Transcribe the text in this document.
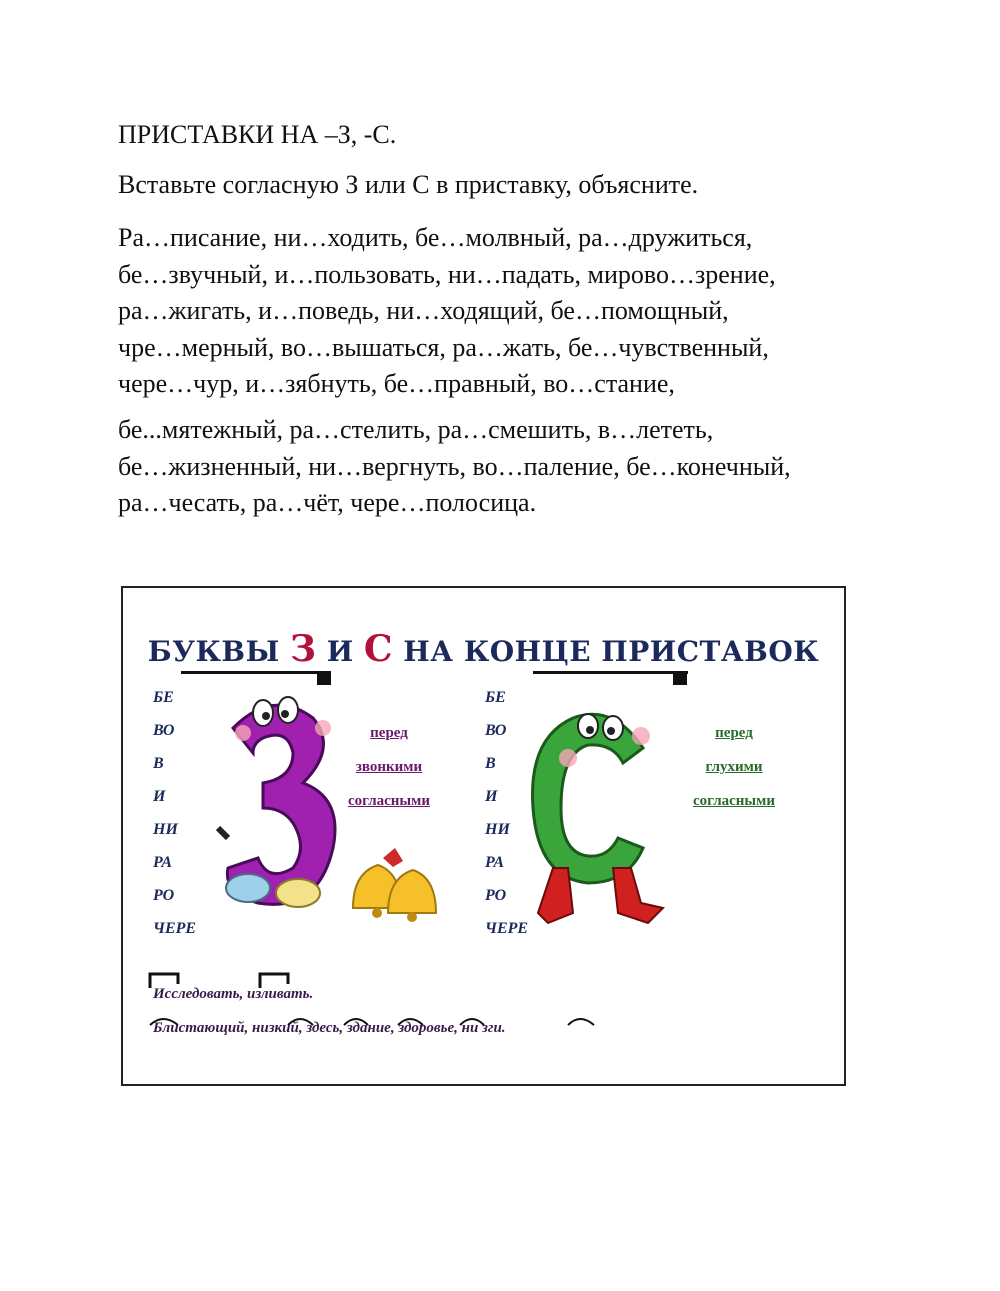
ПРИСТАВКИ НА –З, -С.
Вставьте согласную З или С в приставку, объясните.
Ра…писание, ни…ходить, бе…молвный, ра…дружиться,
бе…звучный, и…пользовать, ни…падать, мирово…зрение,
ра…жигать, и…поведь, ни…ходящий, бе…помощный,
чре…мерный, во…вышаться, ра…жать, бе…чувственный,
чере…чур, и…зябнуть, бе…правный, во…стание,
бе...мятежный, ра…стелить, ра…смешить, в…лететь,
бе…жизненный, ни…вергнуть, во…паление, бе…конечный,
ра…чесать, ра…чёт, чере…полосица.
БУКВЫ З И С НА КОНЦЕ ПРИСТАВОК
БЕ
ВО
В
И
НИ
РА
РО
ЧЕРЕ
БЕ
ВО
В
И
НИ
РА
РО
ЧЕРЕ
перед
звонкими
согласными
перед
глухими
согласными
Исследовать, изливать.
Блистающий, низкий, здесь, здание, здоровье, ни зги.
